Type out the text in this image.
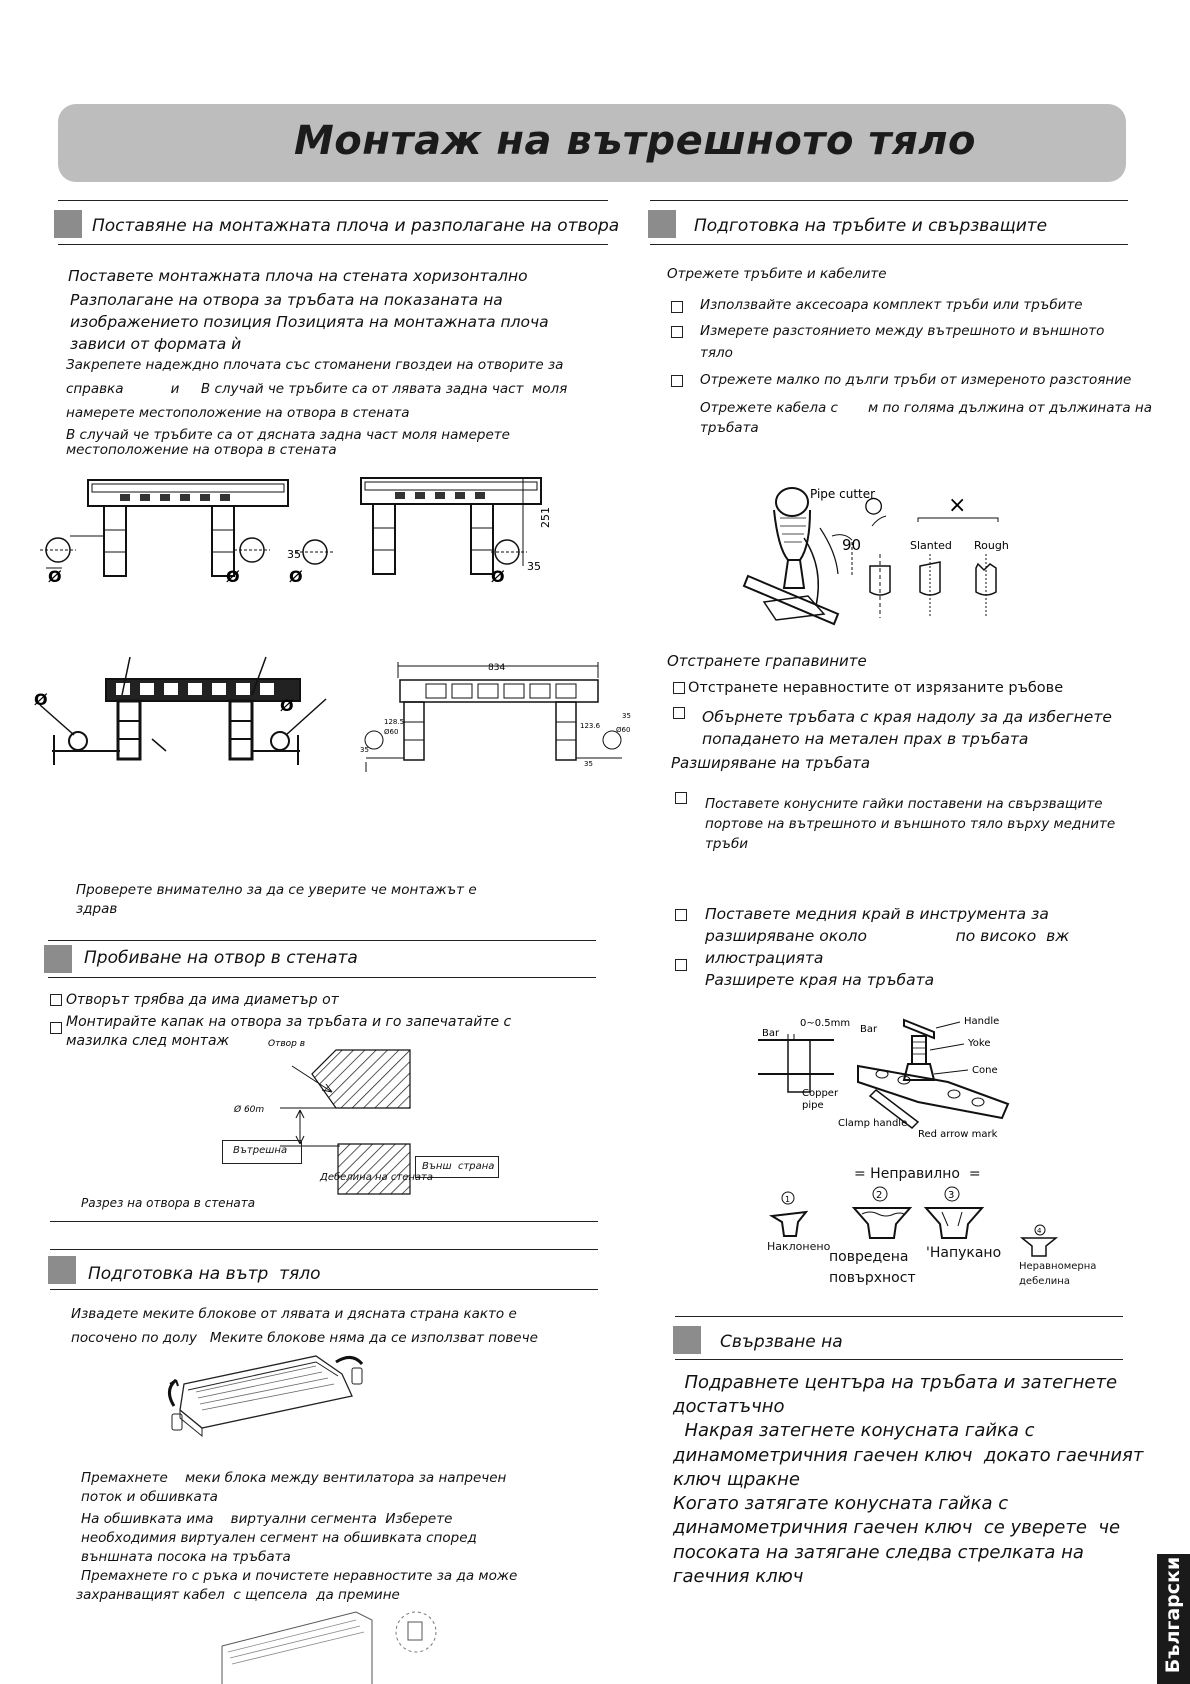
Монтаж на вътрешното тяло
Поставяне на монтажната плоча и разполагане на отвора
Поставете монтажната плоча на стената хоризонтално
Разполагане на отвора за тръбата на показаната на
изображението позиция Позицията на монтажната плоча
зависи от формата ѝ
Закрепете надеждно плочата със стоманени гвоздеи на отворите за
справка           и     В случай че тръбите са от лявата задна част  моля
намерете местоположение на отвора в стената
В случай че тръбите са от дясната задна част моля намерете
местоположение на отвора в стената
Ø	Ø
251
35
35
Ø	Ø
Ø	Ø
834
128.5
Ø60
123.6 Ø60
35
35
35
Проверете внимателно за да се уверите че монтажът е
здрав
Пробиване на отвор в стената
Отворът трябва да има диаметър от
Монтирайте капак на отвора за тръбата и го запечатайте с
мазилка след монтаж	Отвор в
Ø 60m
Вътрешна
Външ  страна
Дебелина на стената
Разрез на отвора в стената
Подготовка на вътр  тяло
Извадете меките блокове от лявата и дясната страна както е
посочено по долу   Меките блокове няма да се използват повече
Премахнете    меки блока между вентилатора за напречен
поток и обшивката
На обшивката има    виртуални сегмента  Изберете
необходимия виртуален сегмент на обшивката според
външната посока на тръбата
Премахнете го с ръка и почистете неравностите за да може
захранващият кабел  с щепсела  да премине
Подготовка на тръбите и свързващите
Отрежете тръбите и кабелите
Използвайте аксесоара комплект тръби или тръбите
Измерете разстоянието между вътрешното и външното
тяло
Отрежете малко по дълги тръби от измереното разстояние
Отрежете кабела с       м по голяма дължина от дължината на
тръбата
Pipe cutter
90
○	×
Slanted Rough
Отстранете грапавините
Отстранете неравностите от изрязаните ръбове
Обърнете тръбата с края надолу за да избегнете
попадането на метален прах в тръбата
Разширяване на тръбата
Поставете конусните гайки поставени на свързващите
портове на вътрешното и външното тяло върху медните
тръби
Поставете медния край в инструмента за
разширяване около                  по високо  вж
илюстрацията
Разширете края на тръбата
0~0.5mm
Bar
Copper
pipe
Bar
Handle
Yoke
Cone
Clamp handle
Red arrow mark
= Неправилно  =
1	2	3
4
Наклонено
повредена
повърхност
'Напукано
Неравномерна
дебелина
Свързване на
Подравнете центъра на тръбата и затегнете
достатъчно
Накрая затегнете конусната гайка с
динамометричния гаечен ключ  докато гаечният
ключ щракне
Когато затягате конусната гайка с
динамометричния гаечен ключ  се уверете  че
посоката на затягане следва стрелката на
гаечния ключ	Български
